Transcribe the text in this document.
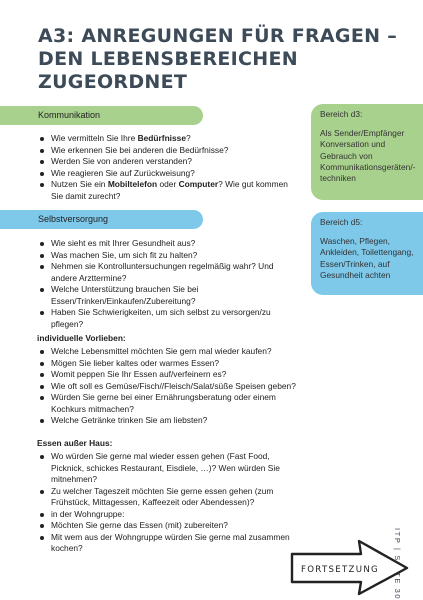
A3: ANREGUNGEN FÜR FRAGEN –
DEN LEBENSBEREICHEN
ZUGEORDNET
Kommunikation
Wie vermitteln Sie Ihre Bedürfnisse?
Wie erkennen Sie bei anderen die Bedürfnisse?
Werden Sie von anderen verstanden?
Wie reagieren Sie auf Zurückweisung?
Nutzen Sie ein Mobiltelefon oder Computer? Wie gut kommen Sie damit zurecht?
Bereich d3:
Als Sender/Empfänger Konversation und Gebrauch von Kommunikationsgeräten/-techniken
Selbstversorgung
Wie sieht es mit Ihrer Gesundheit aus?
Was machen Sie, um sich fit zu halten?
Nehmen sie Kontrolluntersuchungen regelmäßig wahr? Und andere Arzttermine?
Welche Unterstützung brauchen Sie bei Essen/Trinken/Einkaufen/Zubereitung?
Haben Sie Schwierigkeiten, um sich selbst zu versorgen/zu pflegen?
Bereich d5:
Waschen, Pflegen, Ankleiden, Toilettengang, Essen/Trinken, auf Gesundheit achten
individuelle Vorlieben:
Welche Lebensmittel möchten Sie gern mal wieder kaufen?
Mögen Sie lieber kaltes oder warmes Essen?
Womit peppen Sie Ihr Essen auf/verfeinern es?
Wie oft soll es Gemüse/Fisch//Fleisch/Salat/süße Speisen geben?
Würden Sie gerne bei einer Ernährungsberatung oder einem Kochkurs mitmachen?
Welche Getränke trinken Sie am liebsten?
Essen außer Haus:
Wo würden Sie gerne mal wieder essen gehen (Fast Food, Picknick, schickes Restaurant, Eisdiele, …)? Wen würden Sie mitnehmen?
Zu welcher Tageszeit möchten Sie gerne essen gehen (zum Frühstück, Mittagessen, Kaffeezeit oder Abendessen)?
in der Wohngruppe:
Möchten Sie gerne das Essen (mit) zubereiten?
Mit wem aus der Wohngruppe würden Sie gerne mal zusammen kochen?
FORTSETZUNG
